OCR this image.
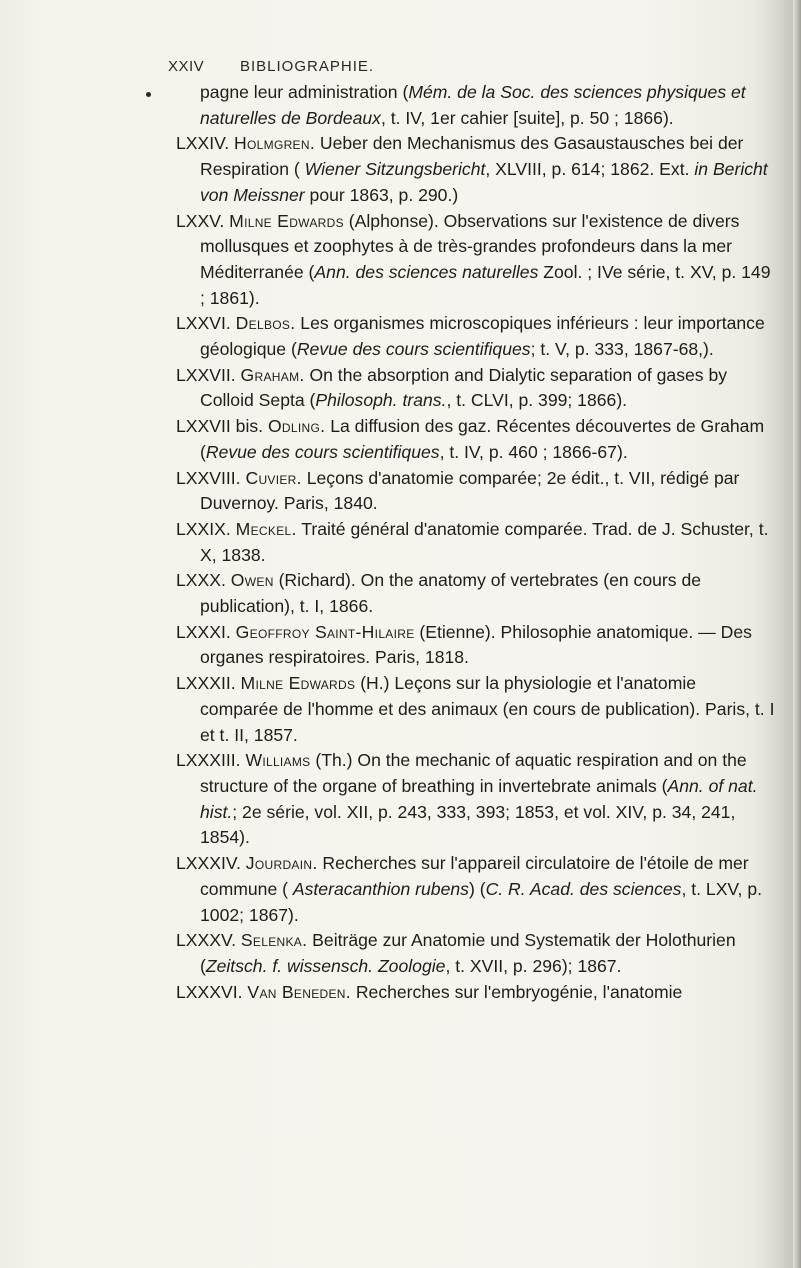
XXIV BIBLIOGRAPHIE.

pagne leur administration (Mém. de la Soc. des sciences physiques et naturelles de Bordeaux, t. IV, 1er cahier [suite], p. 50 ; 1866).

LXXIV. Holmgren. Ueber den Mechanismus des Gasaustausches bei der Respiration ( Wiener Sitzungsbericht, XLVIII, p. 614; 1862. Ext. in Bericht von Meissner pour 1863, p. 290.)

LXXV. Milne Edwards (Alphonse). Observations sur l'existence de divers mollusques et zoophytes à de très-grandes profondeurs dans la mer Méditerranée (Ann. des sciences naturelles Zool. ; IVe série, t. XV, p. 149 ; 1861).

LXXVI. Delbos. Les organismes microscopiques inférieurs : leur importance géologique (Revue des cours scientifiques; t. V, p. 333, 1867-68,).

LXXVII. Graham. On the absorption and Dialytic separation of gases by Colloid Septa (Philosoph. trans., t. CLVI, p. 399; 1866).

LXXVII bis. Odling. La diffusion des gaz. Récentes découvertes de Graham (Revue des cours scientifiques, t. IV, p. 460 ; 1866-67).

LXXVIII. Cuvier. Leçons d'anatomie comparée; 2e édit., t. VII, rédigé par Duvernoy. Paris, 1840.

LXXIX. Meckel. Traité général d'anatomie comparée. Trad. de J. Schuster, t. X, 1838.

LXXX. Owen (Richard). On the anatomy of vertebrates (en cours de publication), t. I, 1866.

LXXXI. Geoffroy Saint-Hilaire (Etienne). Philosophie anatomique. — Des organes respiratoires. Paris, 1818.

LXXXII. Milne Edwards (H.) Leçons sur la physiologie et l'anatomie comparée de l'homme et des animaux (en cours de publication). Paris, t. I et t. II, 1857.

LXXXIII. Williams (Th.) On the mechanic of aquatic respiration and on the structure of the organe of breathing in invertebrate animals (Ann. of nat. hist.; 2e série, vol. XII, p. 243, 333, 393; 1853, et vol. XIV, p. 34, 241, 1854).

LXXXIV. Jourdain. Recherches sur l'appareil circulatoire de l'étoile de mer commune ( Asteracanthion rubens) (C. R. Acad. des sciences, t. LXV, p. 1002; 1867).

LXXXV. Selenka. Beiträge zur Anatomie und Systematik der Holothurien (Zeitsch. f. wissensch. Zoologie, t. XVII, p. 296); 1867.

LXXXVI. Van Beneden. Recherches sur l'embryogénie, l'anatomie
